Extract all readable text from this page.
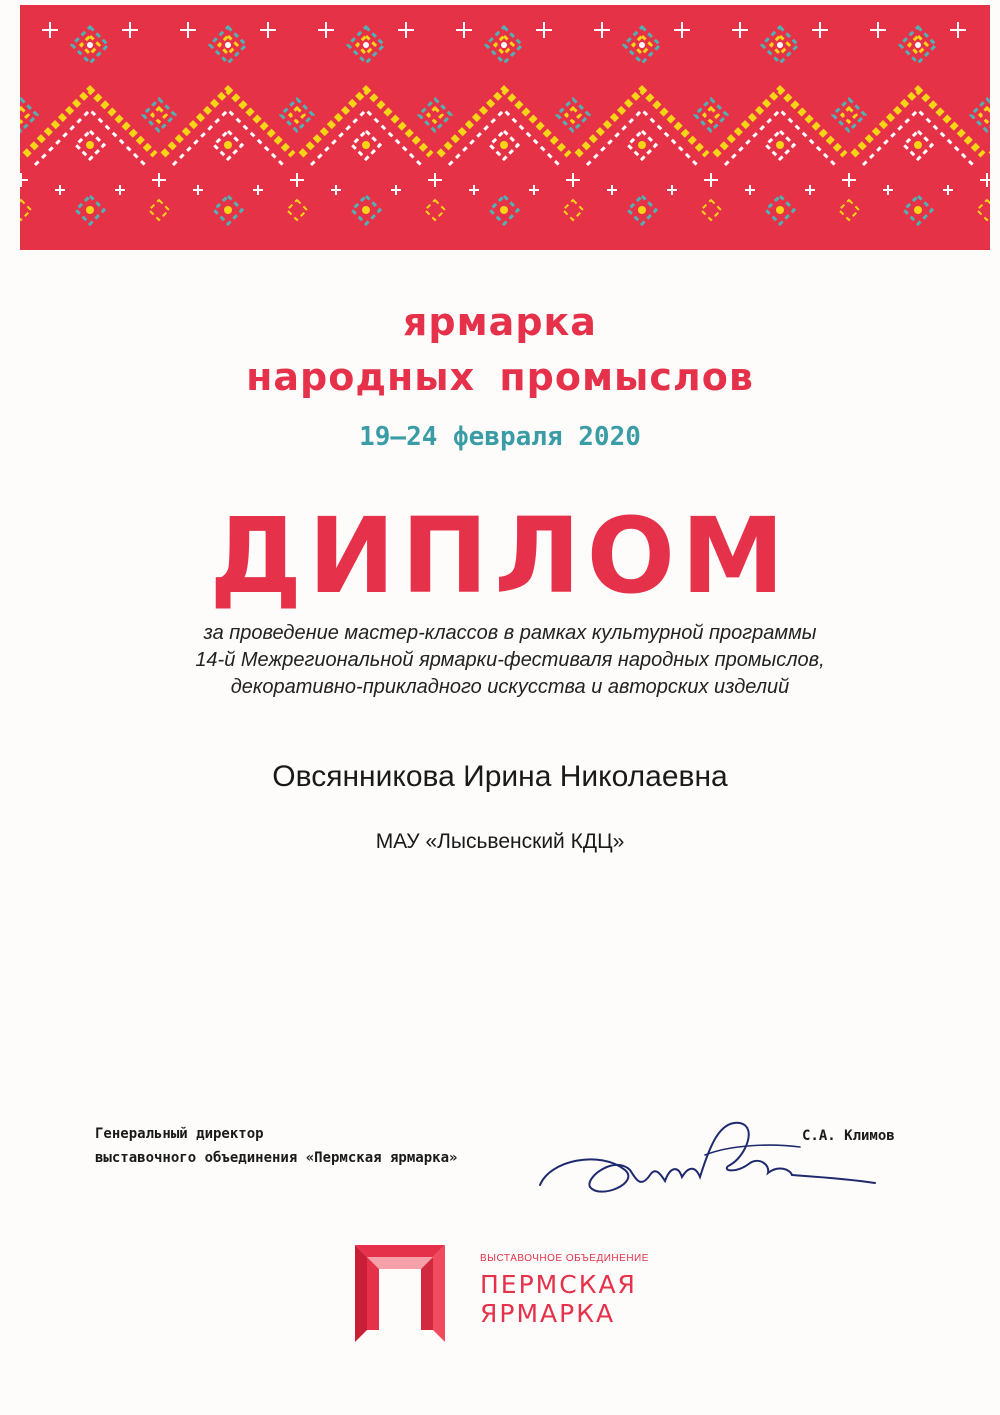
ярмарка
народных промыслов
19–24 февраля 2020
ДИПЛОМ
за проведение мастер-классов в рамках культурной программы
14-й Межрегиональной ярмарки-фестиваля народных промыслов,
декоративно-прикладного искусства и авторских изделий
Овсянникова Ирина Николаевна
МАУ «Лысьвенский КДЦ»
Генеральный директор
выставочного объединения «Пермская ярмарка»
С.А. Климов
ВЫСТАВОЧНОЕ ОБЪЕДИНЕНИЕ
ПЕРМСКАЯ
ЯРМАРКА
